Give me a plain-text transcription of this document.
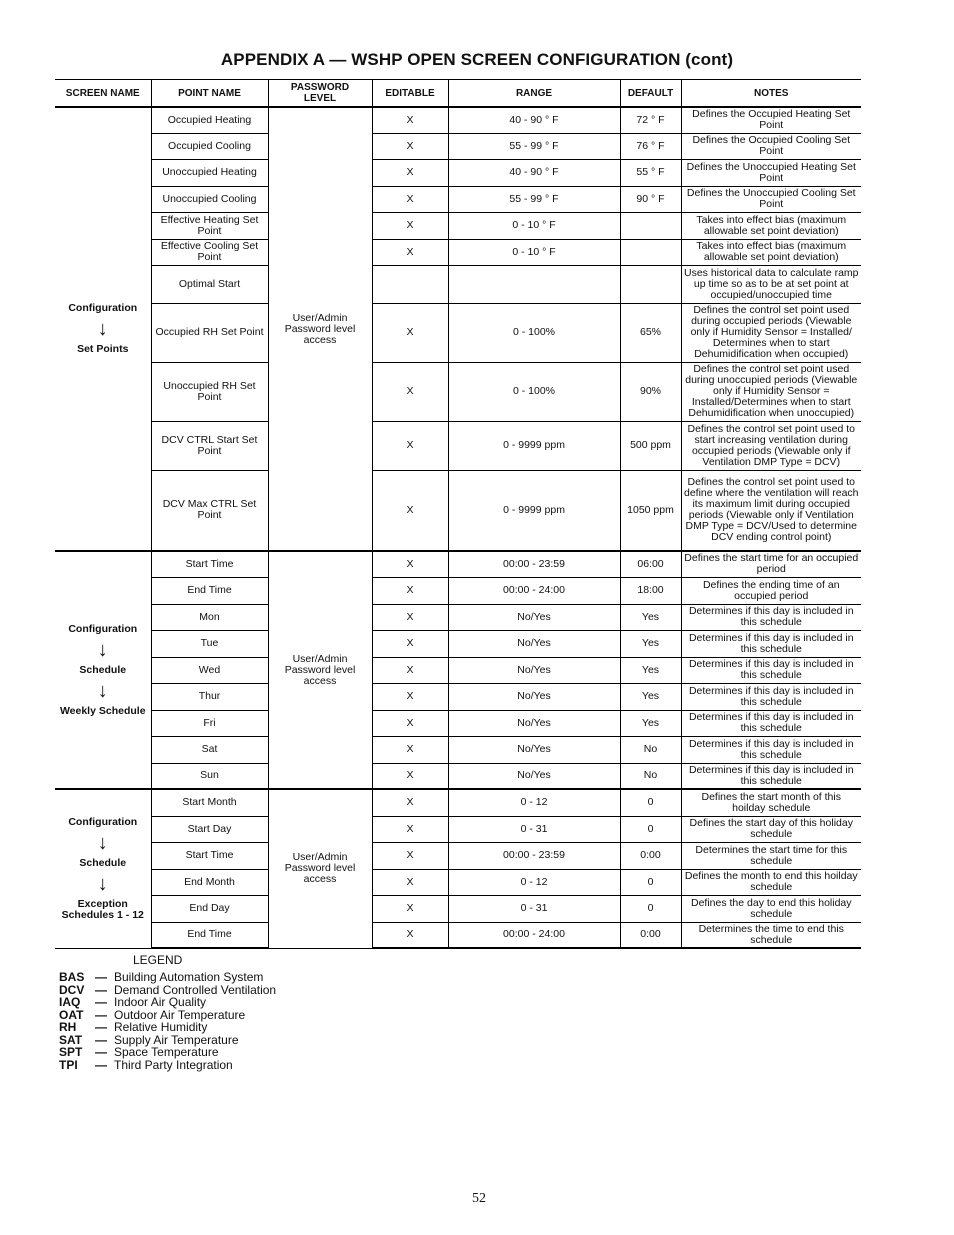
APPENDIX A — WSHP OPEN SCREEN CONFIGURATION (cont)
SCREEN NAME	POINT NAME	PASSWORD LEVEL	EDITABLE	RANGE	DEFAULT	NOTES

Configuration
↓
Set Points	Occupied Heating	User/Admin Password level access	X	40 - 90 ° F	72 ° F	Defines the Occupied Heating Set Point
	Occupied Cooling		X	55 - 99 ° F	76 ° F	Defines the Occupied Cooling Set Point
	Unoccupied Heating		X	40 - 90 ° F	55 ° F	Defines the Unoccupied Heating Set Point
	Unoccupied Cooling		X	55 - 99 ° F	90 ° F	Defines the Unoccupied Cooling Set Point
	Effective Heating Set Point		X	0 - 10 ° F		Takes into effect bias (maximum allowable set point deviation)
	Effective Cooling Set Point		X	0 - 10 ° F		Takes into effect bias (maximum allowable set point deviation)
	Optimal Start					Uses historical data to calculate ramp up time so as to be at set point at occupied/unoccupied time
	Occupied RH Set Point		X	0 - 100%	65%	Defines the control set point used during occupied periods (Viewable only if Humidity Sensor = Installed/ Determines when to start Dehumidification when occupied)
	Unoccupied RH Set Point		X	0 - 100%	90%	Defines the control set point used during unoccupied periods (Viewable only if Humidity Sensor = Installed/Determines when to start Dehumidification when unoccupied)
	DCV CTRL Start Set Point		X	0 - 9999 ppm	500 ppm	Defines the control set point used to start increasing ventilation during occupied periods (Viewable only if Ventilation DMP Type = DCV)
	DCV Max CTRL Set Point		X	0 - 9999 ppm	1050 ppm	Defines the control set point used to define where the ventilation will reach its maximum limit during occupied periods (Viewable only if Ventilation DMP Type = DCV/Used to determine DCV ending control point)

Configuration
↓
Schedule
↓
Weekly Schedule	Start Time	User/Admin Password level access	X	00:00 - 23:59	06:00	Defines the start time for an occupied period
	End Time		X	00:00 - 24:00	18:00	Defines the ending time of an occupied period
	Mon		X	No/Yes	Yes	Determines if this day is included in this schedule
	Tue		X	No/Yes	Yes	Determines if this day is included in this schedule
	Wed		X	No/Yes	Yes	Determines if this day is included in this schedule
	Thur		X	No/Yes	Yes	Determines if this day is included in this schedule
	Fri		X	No/Yes	Yes	Determines if this day is included in this schedule
	Sat		X	No/Yes	No	Determines if this day is included in this schedule
	Sun		X	No/Yes	No	Determines if this day is included in this schedule

Configuration
↓
Schedule
↓
Exception Schedules 1 - 12	Start Month	User/Admin Password level access	X	0 - 12	0	Defines the start month of this hoilday schedule
	Start Day		X	0 - 31	0	Defines the start day of this holiday schedule
	Start Time		X	00:00 - 23:59	0:00	Determines the start time for this schedule
	End Month		X	0 - 12	0	Defines the month to end this hoilday schedule
	End Day		X	0 - 31	0	Defines the day to end this holiday schedule
	End Time		X	00:00 - 24:00	0:00	Determines the time to end this schedule
LEGEND
BAS — Building Automation System
DCV — Demand Controlled Ventilation
IAQ — Indoor Air Quality
OAT — Outdoor Air Temperature
RH — Relative Humidity
SAT — Supply Air Temperature
SPT — Space Temperature
TPI — Third Party Integration
52
